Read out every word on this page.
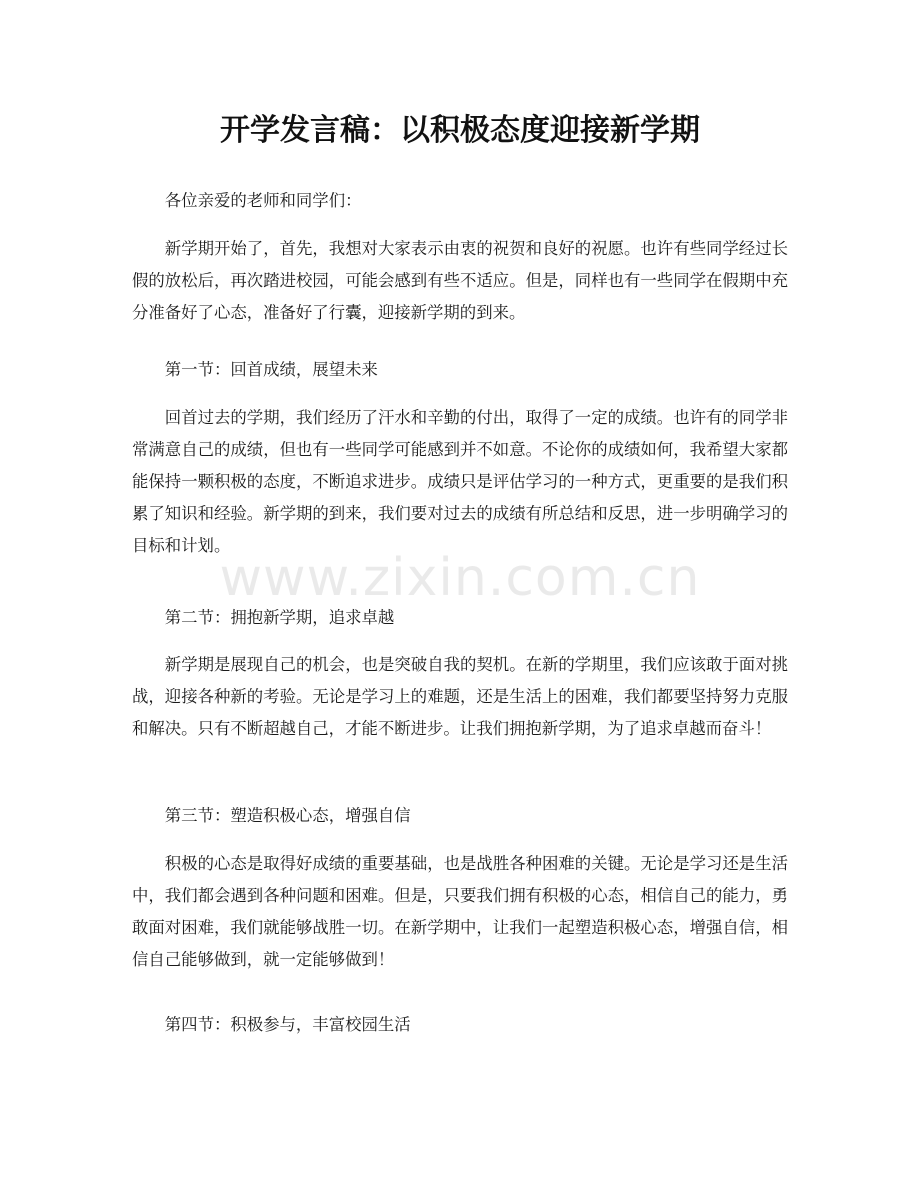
开学发言稿：以积极态度迎接新学期

各位亲爱的老师和同学们：

新学期开始了，首先，我想对大家表示由衷的祝贺和良好的祝愿。也许有些同学经过长假的放松后，再次踏进校园，可能会感到有些不适应。但是，同样也有一些同学在假期中充分准备好了心态，准备好了行囊，迎接新学期的到来。

第一节：回首成绩，展望未来

回首过去的学期，我们经历了汗水和辛勤的付出，取得了一定的成绩。也许有的同学非常满意自己的成绩，但也有一些同学可能感到并不如意。不论你的成绩如何，我希望大家都能保持一颗积极的态度，不断追求进步。成绩只是评估学习的一种方式，更重要的是我们积累了知识和经验。新学期的到来，我们要对过去的成绩有所总结和反思，进一步明确学习的目标和计划。

第二节：拥抱新学期，追求卓越

新学期是展现自己的机会，也是突破自我的契机。在新的学期里，我们应该敢于面对挑战，迎接各种新的考验。无论是学习上的难题，还是生活上的困难，我们都要坚持努力克服和解决。只有不断超越自己，才能不断进步。让我们拥抱新学期，为了追求卓越而奋斗！

第三节：塑造积极心态，增强自信

积极的心态是取得好成绩的重要基础，也是战胜各种困难的关键。无论是学习还是生活中，我们都会遇到各种问题和困难。但是，只要我们拥有积极的心态，相信自己的能力，勇敢面对困难，我们就能够战胜一切。在新学期中，让我们一起塑造积极心态，增强自信，相信自己能够做到，就一定能够做到！

第四节：积极参与，丰富校园生活

www.zixin.com.cn
